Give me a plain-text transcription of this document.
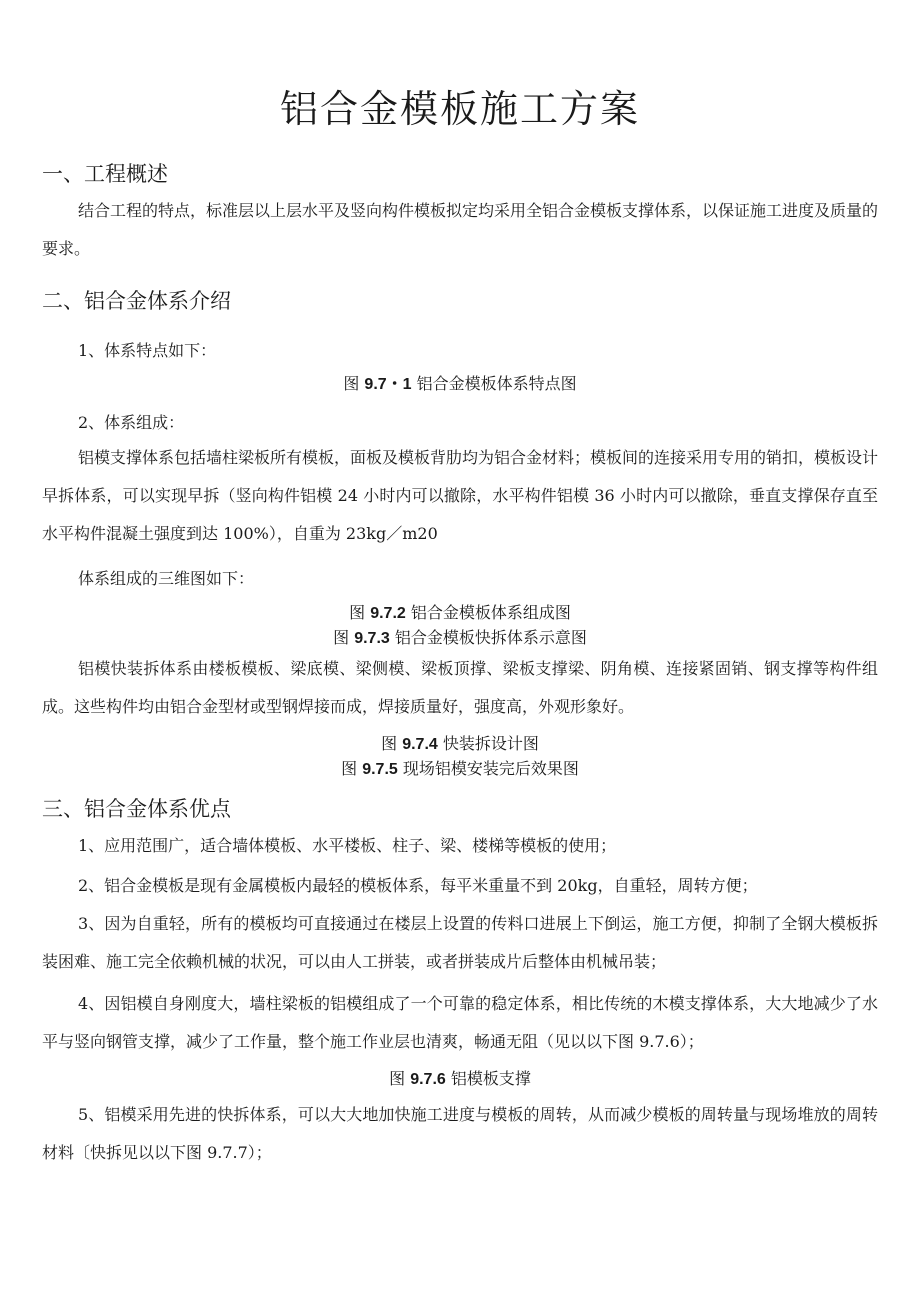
铝合金模板施工方案
一、工程概述

结合工程的特点，标准层以上层水平及竖向构件模板拟定均采用全铝合金模板支撑体系，以保证施工进度及质量的要求。

二、铝合金体系介绍

1、体系特点如下：

图 9.7・1 铝合金模板体系特点图

2、体系组成：

铝模支撑体系包括墙柱梁板所有模板，面板及模板背肋均为铝合金材料；模板间的连接采用专用的销扣，模板设计早拆体系，可以实现早拆（竖向构件铝模 24 小时内可以撤除，水平构件铝模 36 小时内可以撤除，垂直支撑保存直至水平构件混凝土强度到达 100%），自重为 23kg／m20

体系组成的三维图如下：

图 9.7.2 铝合金模板体系组成图

图 9.7.3 铝合金模板快拆体系示意图

铝模快装拆体系由楼板模板、梁底模、梁侧模、梁板顶撑、梁板支撑梁、阴角模、连接紧固销、钢支撑等构件组成。这些构件均由铝合金型材或型钢焊接而成，焊接质量好，强度高，外观形象好。

图 9.7.4 快装拆设计图

图 9.7.5 现场铝模安装完后效果图

三、铝合金体系优点

1、应用范围广，适合墙体模板、水平楼板、柱子、梁、楼梯等模板的使用；

2、铝合金模板是现有金属模板内最轻的模板体系，每平米重量不到 20kg，自重轻，周转方便；

3、因为自重轻，所有的模板均可直接通过在楼层上设置的传料口进展上下倒运，施工方便，抑制了全钢大模板拆装困难、施工完全依赖机械的状况，可以由人工拼装，或者拼装成片后整体由机械吊装；

4、因铝模自身刚度大，墙柱梁板的铝模组成了一个可靠的稳定体系，相比传统的木模支撑体系，大大地减少了水平与竖向钢管支撑，减少了工作量，整个施工作业层也清爽，畅通无阻（见以以下图 9.7.6）；

图 9.7.6 铝模板支撑

5、铝模采用先进的快拆体系，可以大大地加快施工进度与模板的周转，从而减少模板的周转量与现场堆放的周转材料〔快拆见以以下图 9.7.7）；
